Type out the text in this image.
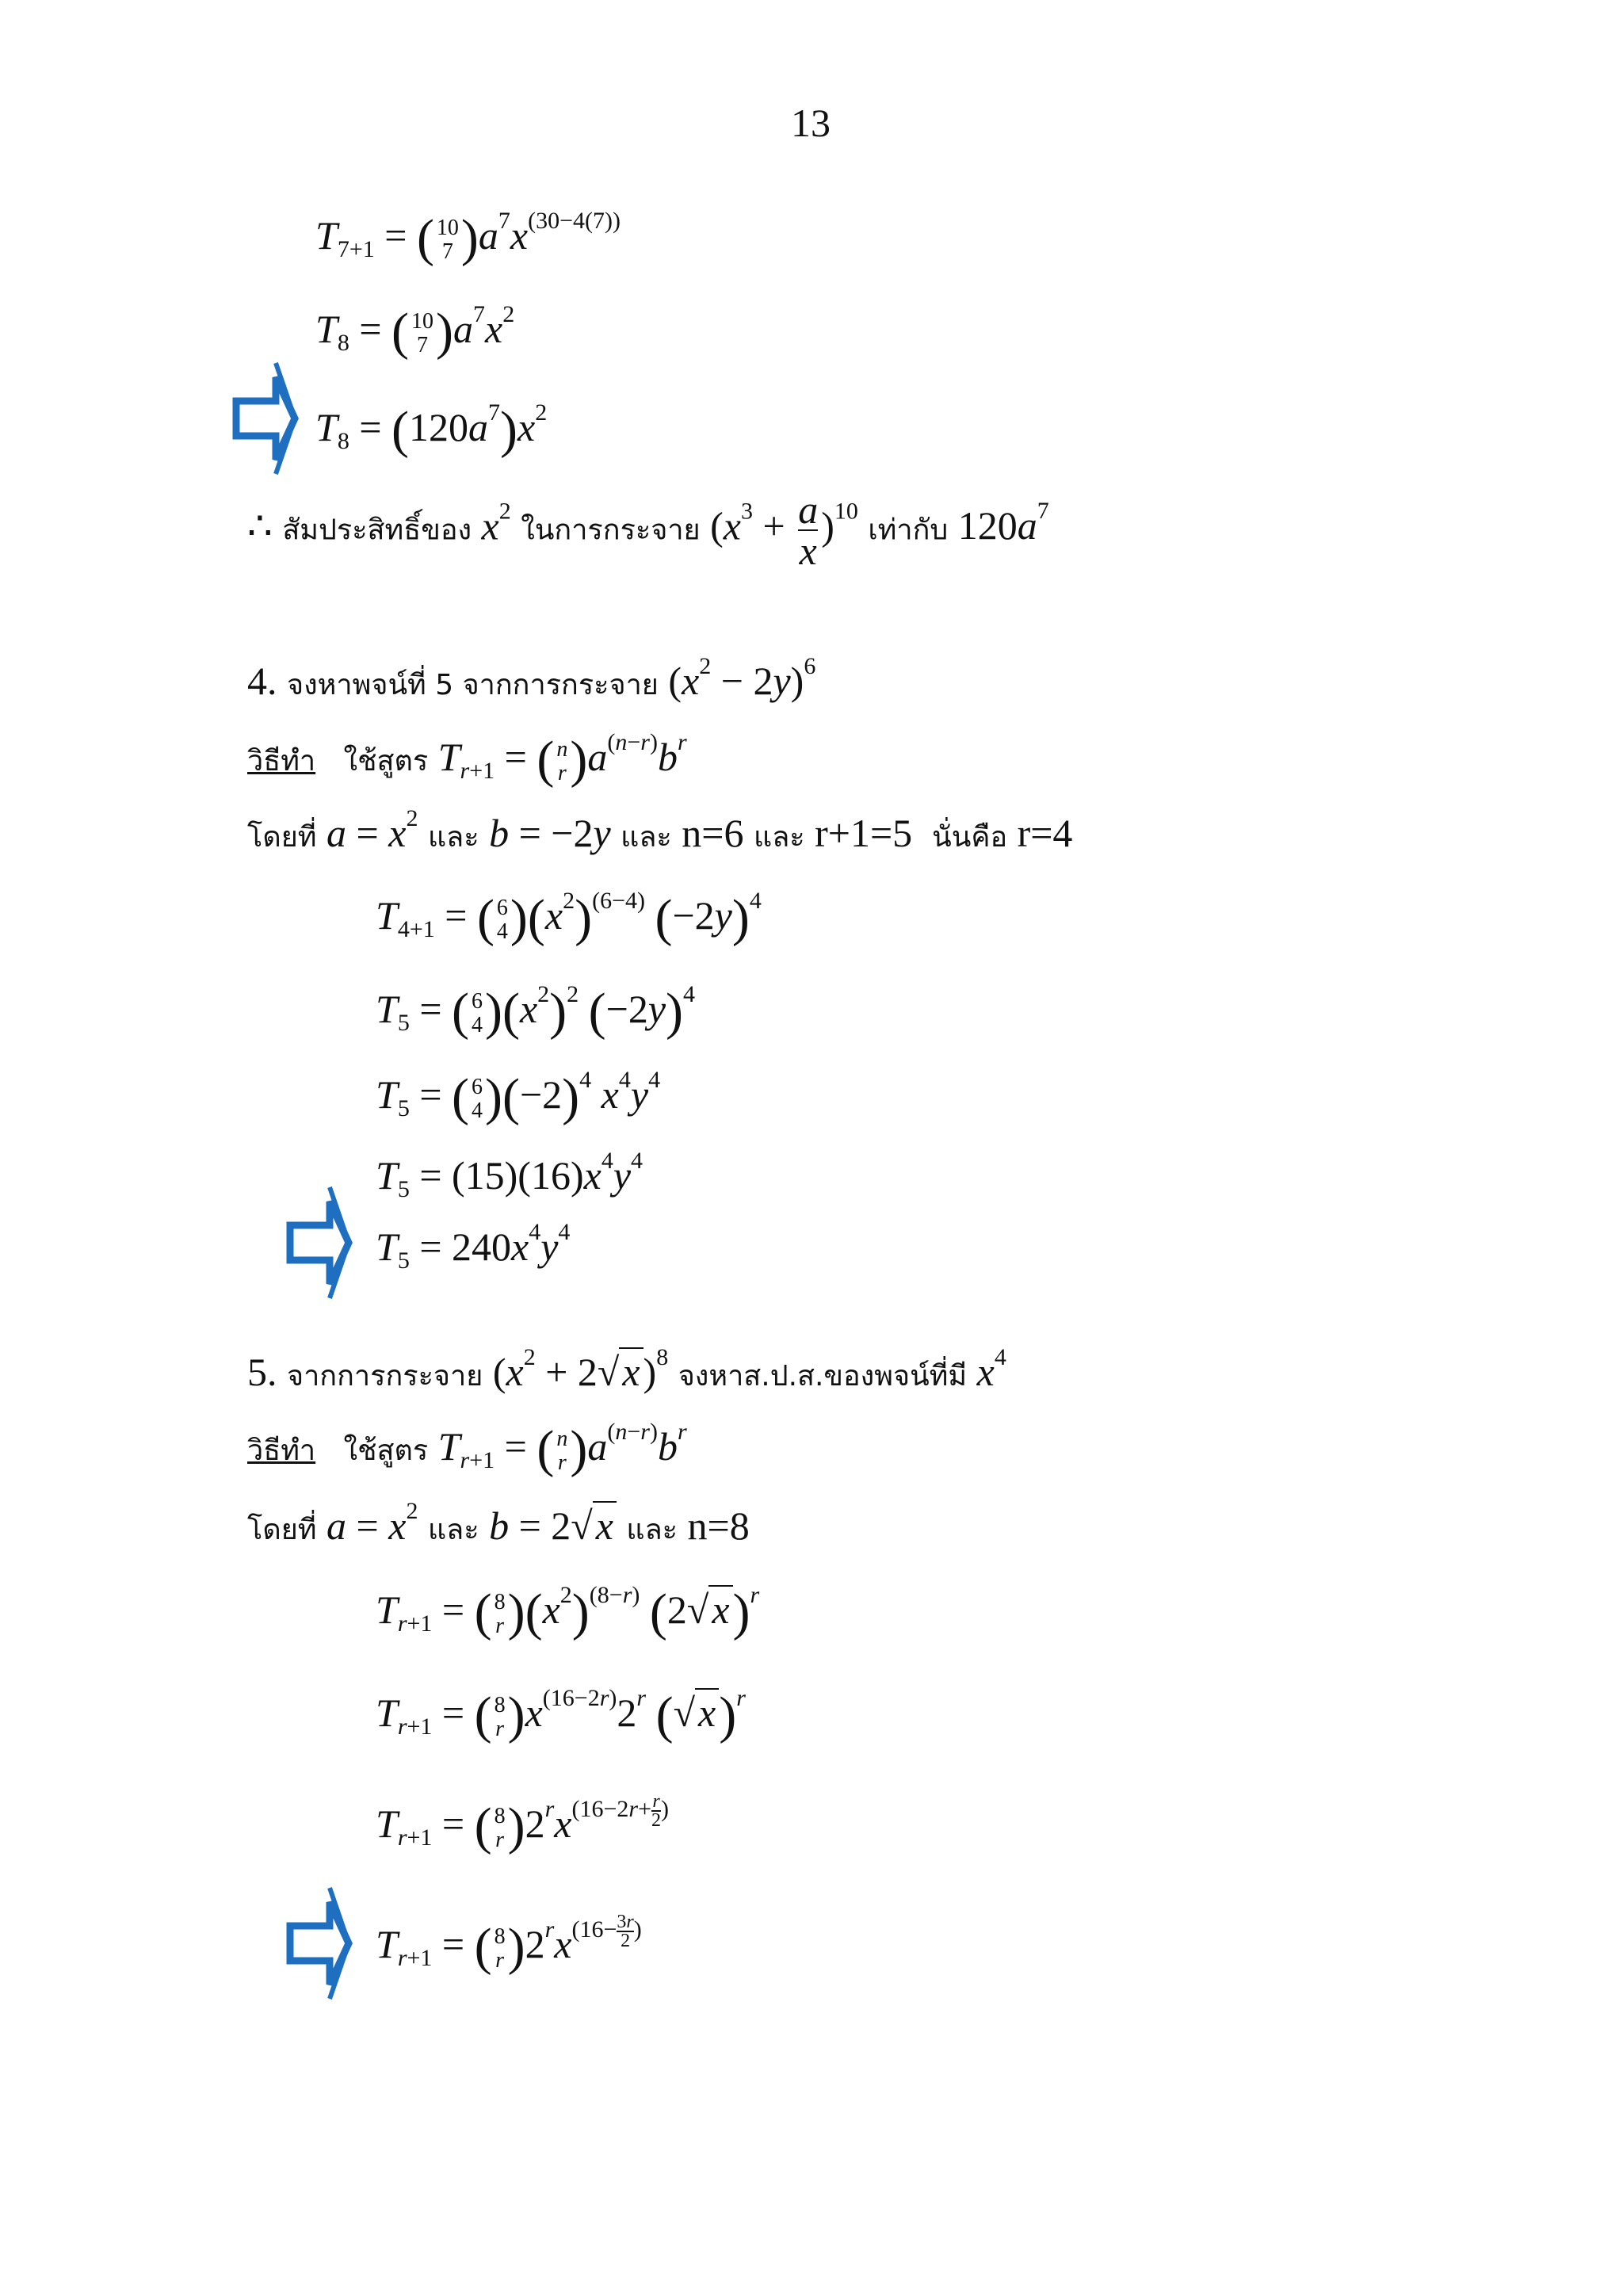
13
$T_{7+1}$ = ( 10
7 )$a^7x^{(30-4(7))}$
$T_8$ = ( 10
7 )$a^7x^2$
$T_8 = (120a^7)x^2$
∴ สัมประสิทธิ์ของ $x^2$ ในการกระจาย $(x^3 + \frac{a}{x} )^{10}$ เท่ากับ $120a^7$
4. จงหาพจน์ที่ 5 จากการกระจาย $(x^2 - 2y)^6$
วิธีทำ ใช้สูตร $T_{r+1}$ = ( n
r )$a^{(n-r)}b^r$
โดยที่ $a = x^2$ และ b = −2y และ n=6 และ r+1=5 นั่นคือ r=4
$T_{4+1}$ = ( 6
4 )$(x^2)^{(6-4)}$ $(-2y)^4$
$T_5$ = ( 6
4 )$(x^2)^2$ $(-2y)^4$
$T_5$ = ( 6
4 )$(-2)^4$ $x^4y^4$
$T_5 = (15)(16)x^4y^4$
$T_5 = 240x^4y^4$
5. จากการกระจาย $(x^2 + 2√x)^8$ จงหาส.ป.ส.ของพจน์ที่มี $x^4$
วิธีทำ ใช้สูตร $T_{r+1}$ = ( n
r )$a^{(n-r)}b^r$
โดยที่ $a = x^2$ และ b = 2√x และ n=8
$T_{r+1}$ = ( 8
r )$(x^2)^{(8-r)}$ $(2√x)^r$
$T_{r+1}$ = ( 8
r )$x^{(16-2r)}2^r$ $(√x)^r$
$T_{r+1}$ = ( 8
r )$2^rx^{(16-2r+ \frac{r}{2} )}$
$T_{r+1}$ = ( 8
r )$2^rx^{(16- \frac{3r}{2} )}$
